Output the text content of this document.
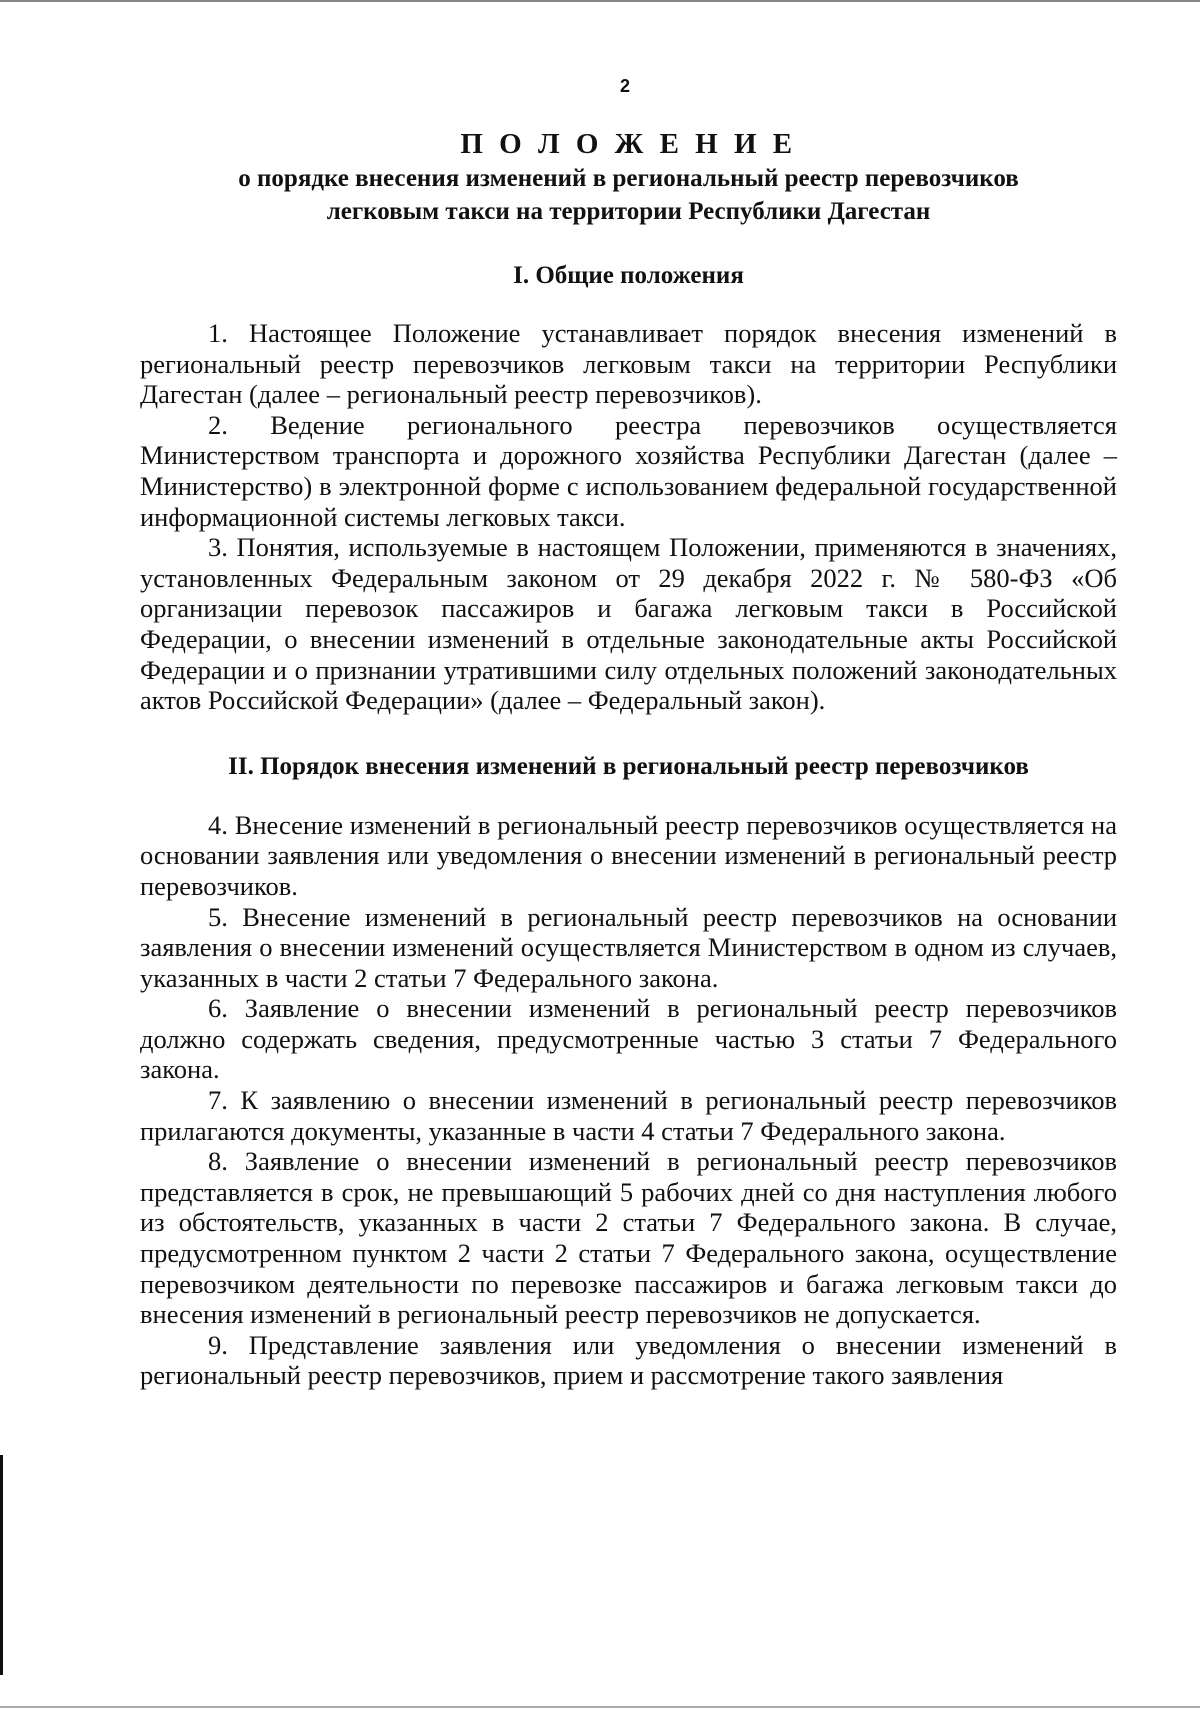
2
П О Л О Ж Е Н И Е

о порядке внесения изменений в региональный реестр перевозчиков

легковым такси на территории Республики Дагестан

I. Общие положения

1. Настоящее Положение устанавливает порядок внесения изменений в региональный реестр перевозчиков легковым такси на территории Республики Дагестан (далее – региональный реестр перевозчиков).

2. Ведение регионального реестра перевозчиков осуществляется Министерством транспорта и дорожного хозяйства Республики Дагестан (далее – Министерство) в электронной форме с использованием федеральной государственной информационной системы легковых такси.

3. Понятия, используемые в настоящем Положении, применяются в значениях, установленных Федеральным законом от 29 декабря 2022 г. № 580-ФЗ «Об организации перевозок пассажиров и багажа легковым такси в Российской Федерации, о внесении изменений в отдельные законодательные акты Российской Федерации и о признании утратившими силу отдельных положений законодательных актов Российской Федерации» (далее – Федеральный закон).

II. Порядок внесения изменений в региональный реестр перевозчиков

4. Внесение изменений в региональный реестр перевозчиков осуществляется на основании заявления или уведомления о внесении изменений в региональный реестр перевозчиков.

5. Внесение изменений в региональный реестр перевозчиков на основании заявления о внесении изменений осуществляется Министерством в одном из случаев, указанных в части 2 статьи 7 Федерального закона.

6. Заявление о внесении изменений в региональный реестр перевозчиков должно содержать сведения, предусмотренные частью 3 статьи 7 Федерального закона.

7. К заявлению о внесении изменений в региональный реестр перевозчиков прилагаются документы, указанные в части 4 статьи 7 Федерального закона.

8. Заявление о внесении изменений в региональный реестр перевозчиков представляется в срок, не превышающий 5 рабочих дней со дня наступления любого из обстоятельств, указанных в части 2 статьи 7 Федерального закона. В случае, предусмотренном пунктом 2 части 2 статьи 7 Федерального закона, осуществление перевозчиком деятельности по перевозке пассажиров и багажа легковым такси до внесения изменений в региональный реестр перевозчиков не допускается.

9. Представление заявления или уведомления о внесении изменений в региональный реестр перевозчиков, прием и рассмотрение такого заявления
